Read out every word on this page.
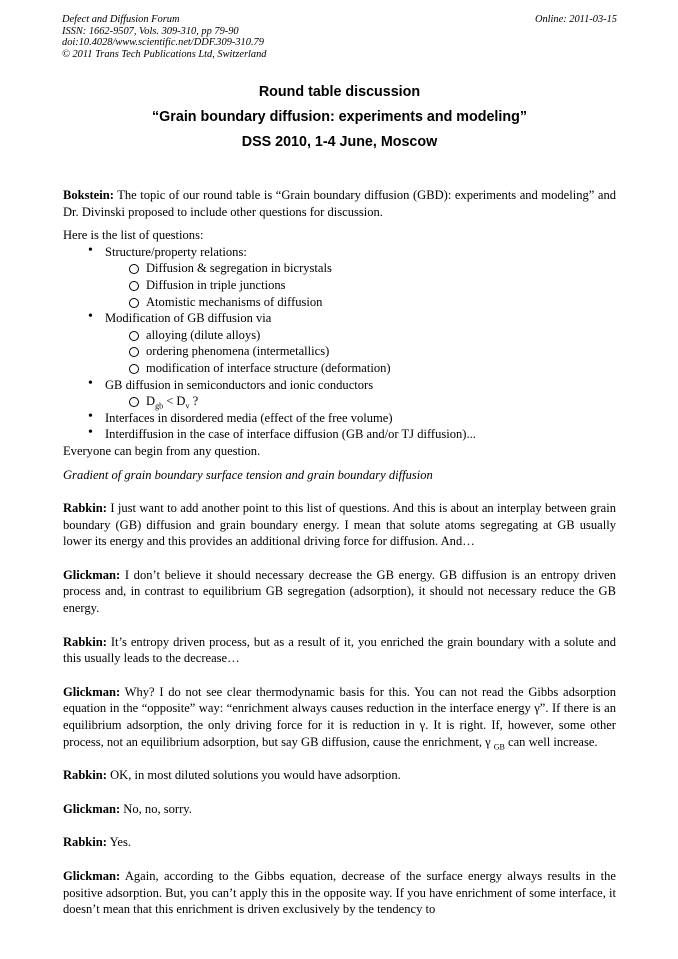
Defect and Diffusion Forum
ISSN: 1662-9507, Vols. 309-310, pp 79-90
doi:10.4028/www.scientific.net/DDF.309-310.79
© 2011 Trans Tech Publications Ltd, Switzerland
Online: 2011-03-15
Round table discussion
“Grain boundary diffusion: experiments and modeling”
DSS 2010, 1-4 June, Moscow

Bokstein: The topic of our round table is “Grain boundary diffusion (GBD): experiments and modeling” and Dr. Divinski proposed to include other questions for discussion.

Here is the list of questions:

• Structure/property relations:
Diffusion & segregation in bicrystals
Diffusion in triple junctions
Atomistic mechanisms of diffusion
• Modification of GB diffusion via
alloying (dilute alloys)
ordering phenomena (intermetallics)
modification of interface structure (deformation)
• GB diffusion in semiconductors and ionic conductors
$D_{gb} < D_v$ ?
• Interfaces in disordered media (effect of the free volume)
• Interdiffusion in the case of interface diffusion (GB and/or TJ diffusion)...

Everyone can begin from any question.

Gradient of grain boundary surface tension and grain boundary diffusion

Rabkin: I just want to add another point to this list of questions. And this is about an interplay between grain boundary (GB) diffusion and grain boundary energy. I mean that solute atoms segregating at GB usually lower its energy and this provides an additional driving force for diffusion. And…

Glickman: I don’t believe it should necessary decrease the GB energy. GB diffusion is an entropy driven process and, in contrast to equilibrium GB segregation (adsorption), it should not necessary reduce the GB energy.

Rabkin: It’s entropy driven process, but as a result of it, you enriched the grain boundary with a solute and this usually leads to the decrease…

Glickman: Why? I do not see clear thermodynamic basis for this. You can not read the Gibbs adsorption equation in the “opposite” way: “enrichment always causes reduction in the interface energy γ”. If there is an equilibrium adsorption, the only driving force for it is reduction in γ. It is right. If, however, some other process, not an equilibrium adsorption, but say GB diffusion, cause the enrichment, γ $_{GB}$ can well increase.

Rabkin: OK, in most diluted solutions you would have adsorption.

Glickman: No, no, sorry.

Rabkin: Yes.

Glickman: Again, according to the Gibbs equation, decrease of the surface energy always results in the positive adsorption. But, you can’t apply this in the opposite way. If you have enrichment of some interface, it doesn’t mean that this enrichment is driven exclusively by the tendency to
